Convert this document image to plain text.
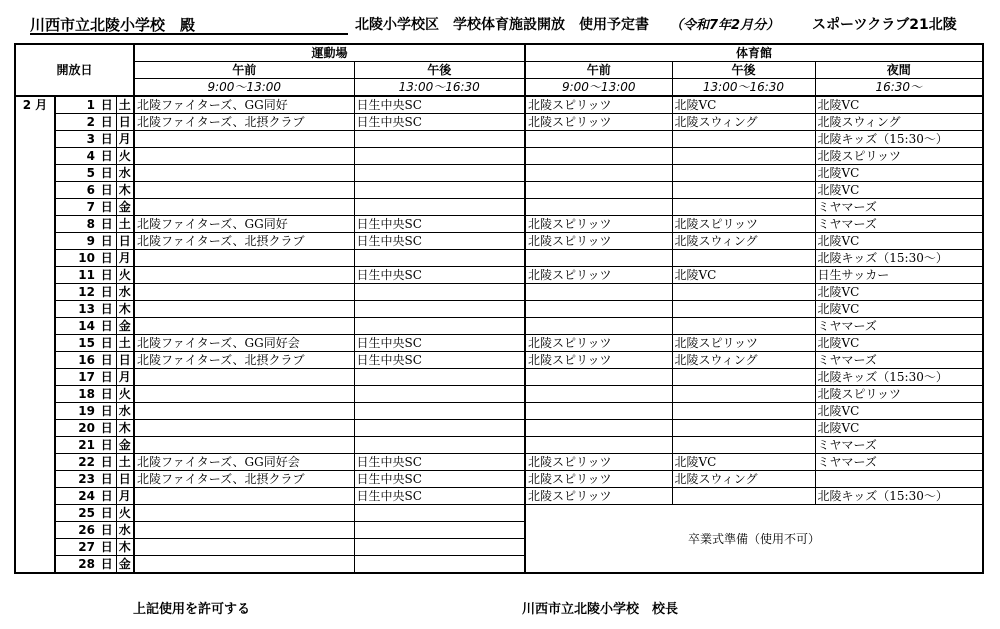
川西市立北陵小学校　殿	北陵小学校区　学校体育施設開放　使用予定書 （令和7年2月分） スポーツクラブ21北陵
開放日				運動場		体育館		
				午前	午後	午前	午後	夜間
				9:00～13:00	13:00～16:30	9:00～13:00	13:00～16:30	16:30～
2 月	1	日	土	北陵ファイターズ、GG同好	日生中央SC	北陵スピリッツ	北陵VC	北陵VC
	2	日	日	北陵ファイターズ、北摂クラブ	日生中央SC	北陵スピリッツ	北陵スウィング	北陵スウィング
	3	日	月					北陵キッズ（15:30～）
	4	日	火					北陵スピリッツ
	5	日	水					北陵VC
	6	日	木					北陵VC
	7	日	金					ミヤマーズ
	8	日	土	北陵ファイターズ、GG同好	日生中央SC	北陵スピリッツ	北陵スピリッツ	ミヤマーズ
	9	日	日	北陵ファイターズ、北摂クラブ	日生中央SC	北陵スピリッツ	北陵スウィング	北陵VC
	10	日	月					北陵キッズ（15:30～）
	11	日	火		日生中央SC	北陵スピリッツ	北陵VC	日生サッカー
	12	日	水					北陵VC
	13	日	木					北陵VC
	14	日	金					ミヤマーズ
	15	日	土	北陵ファイターズ、GG同好会	日生中央SC	北陵スピリッツ	北陵スピリッツ	北陵VC
	16	日	日	北陵ファイターズ、北摂クラブ	日生中央SC	北陵スピリッツ	北陵スウィング	ミヤマーズ
	17	日	月					北陵キッズ（15:30～）
	18	日	火					北陵スピリッツ
	19	日	水					北陵VC
	20	日	木					北陵VC
	21	日	金					ミヤマーズ
	22	日	土	北陵ファイターズ、GG同好会	日生中央SC	北陵スピリッツ	北陵VC	ミヤマーズ
	23	日	日	北陵ファイターズ、北摂クラブ	日生中央SC	北陵スピリッツ	北陵スウィング	
	24	日	月		日生中央SC	北陵スピリッツ		北陵キッズ（15:30～）
	25	日	火			卒業式準備（使用不可）		
	26	日	水					
	27	日	木					
	28	日	金					
上記使用を許可する	川西市立北陵小学校　校長
